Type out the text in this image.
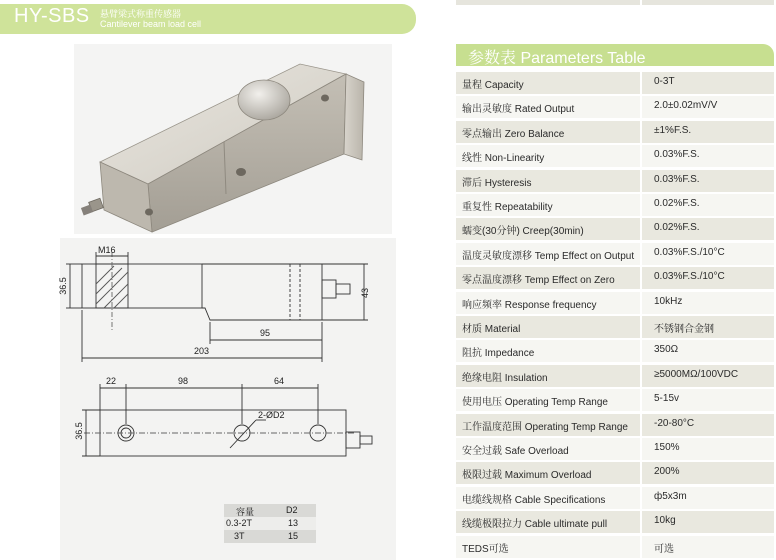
HY-SBS 悬臂梁式称重传感器
Cantilever beam load cell
M16
36.5	43
95
203
22	98	64
36.5
2-ØD2
容量	D2
0.3-2T	13
3T	15
参数表 Parameters Table
量程 Capacity	0-3T
输出灵敏度 Rated Output	2.0±0.02mV/V
零点输出 Zero Balance	±1%F.S.
线性 Non-Linearity	0.03%F.S.
滞后 Hysteresis	0.03%F.S.
重复性 Repeatability	0.02%F.S.
蠕变(30分钟) Creep(30min)	0.02%F.S.
温度灵敏度漂移 Temp Effect on Output 0.03%F.S./10°C
零点温度漂移 Temp Effect on Zero	0.03%F.S./10°C
响应频率 Response frequency	10kHz
材质 Material	不锈钢合金钢
阻抗 Impedance	350Ω
绝缘电阻 Insulation	≥5000MΩ/100VDC
使用电压 Operating Temp Range	5-15v
工作温度范围 Operating Temp Range	-20-80°C
安全过载 Safe Overload	150%
极限过载 Maximum Overload	200%
电缆线规格 Cable Specifications	ф5x3m
线缆极限拉力 Cable ultimate pull	10kg
TEDS可选	可选
